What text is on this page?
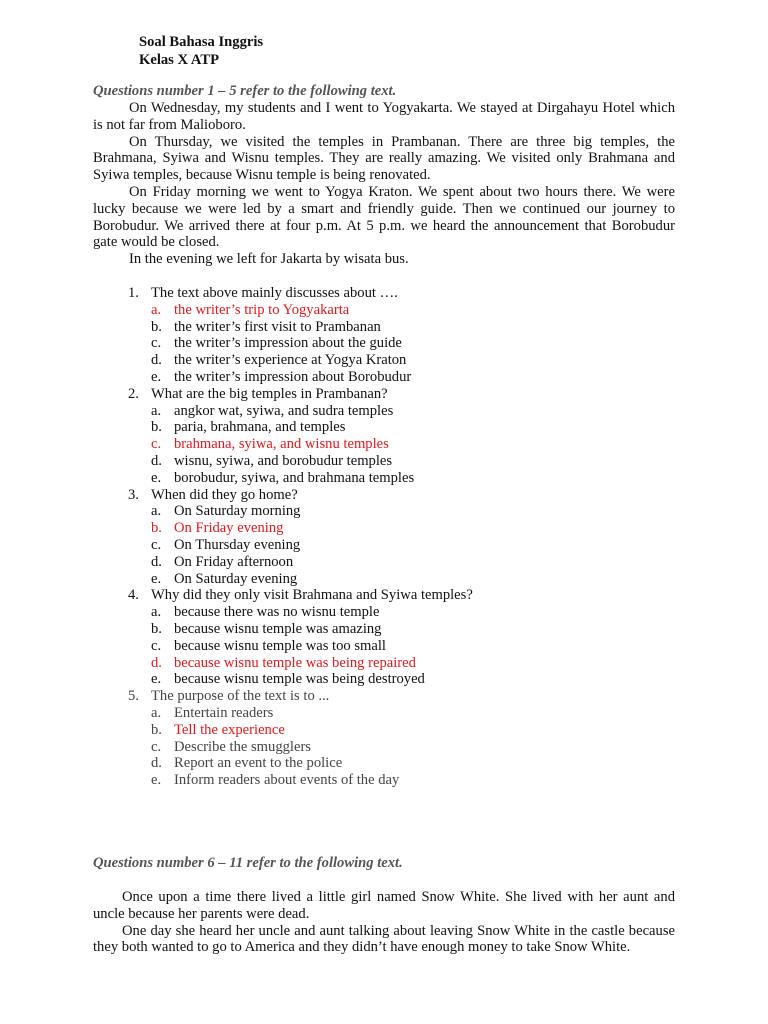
Soal Bahasa Inggris
Kelas X ATP
Questions number 1 – 5 refer to the following text.

On Wednesday, my students and I went to Yogyakarta. We stayed at Dirgahayu Hotel which is not far from Malioboro.

On Thursday, we visited the temples in Prambanan. There are three big temples, the Brahmana, Syiwa and Wisnu temples. They are really amazing. We visited only Brahmana and Syiwa temples, because Wisnu temple is being renovated.

On Friday morning we went to Yogya Kraton. We spent about two hours there. We were lucky because we were led by a smart and friendly guide. Then we continued our journey to Borobudur. We arrived there at four p.m. At 5 p.m. we heard the announcement that Borobudur gate would be closed.

In the evening we left for Jakarta by wisata bus.

1. The text above mainly discusses about ….
a. the writer’s trip to Yogyakarta
b. the writer’s first visit to Prambanan
c. the writer’s impression about the guide
d. the writer’s experience at Yogya Kraton
e. the writer’s impression about Borobudur
2. What are the big temples in Prambanan?
a. angkor wat, syiwa, and sudra temples
b. paria, brahmana, and temples
c. brahmana, syiwa, and wisnu temples
d. wisnu, syiwa, and borobudur temples
e. borobudur, syiwa, and brahmana temples
3. When did they go home?
a. On Saturday morning
b. On Friday evening
c. On Thursday evening
d. On Friday afternoon
e. On Saturday evening
4. Why did they only visit Brahmana and Syiwa temples?
a. because there was no wisnu temple
b. because wisnu temple was amazing
c. because wisnu temple was too small
d. because wisnu temple was being repaired
e. because wisnu temple was being destroyed
5. The purpose of the text is to ...
a. Entertain readers
b. Tell the experience
c. Describe the smugglers
d. Report an event to the police
e. Inform readers about events of the day
Questions number 6 – 11 refer to the following text.

Once upon a time there lived a little girl named Snow White. She lived with her aunt and uncle because her parents were dead.

One day she heard her uncle and aunt talking about leaving Snow White in the castle because they both wanted to go to America and they didn’t have enough money to take Snow White.
